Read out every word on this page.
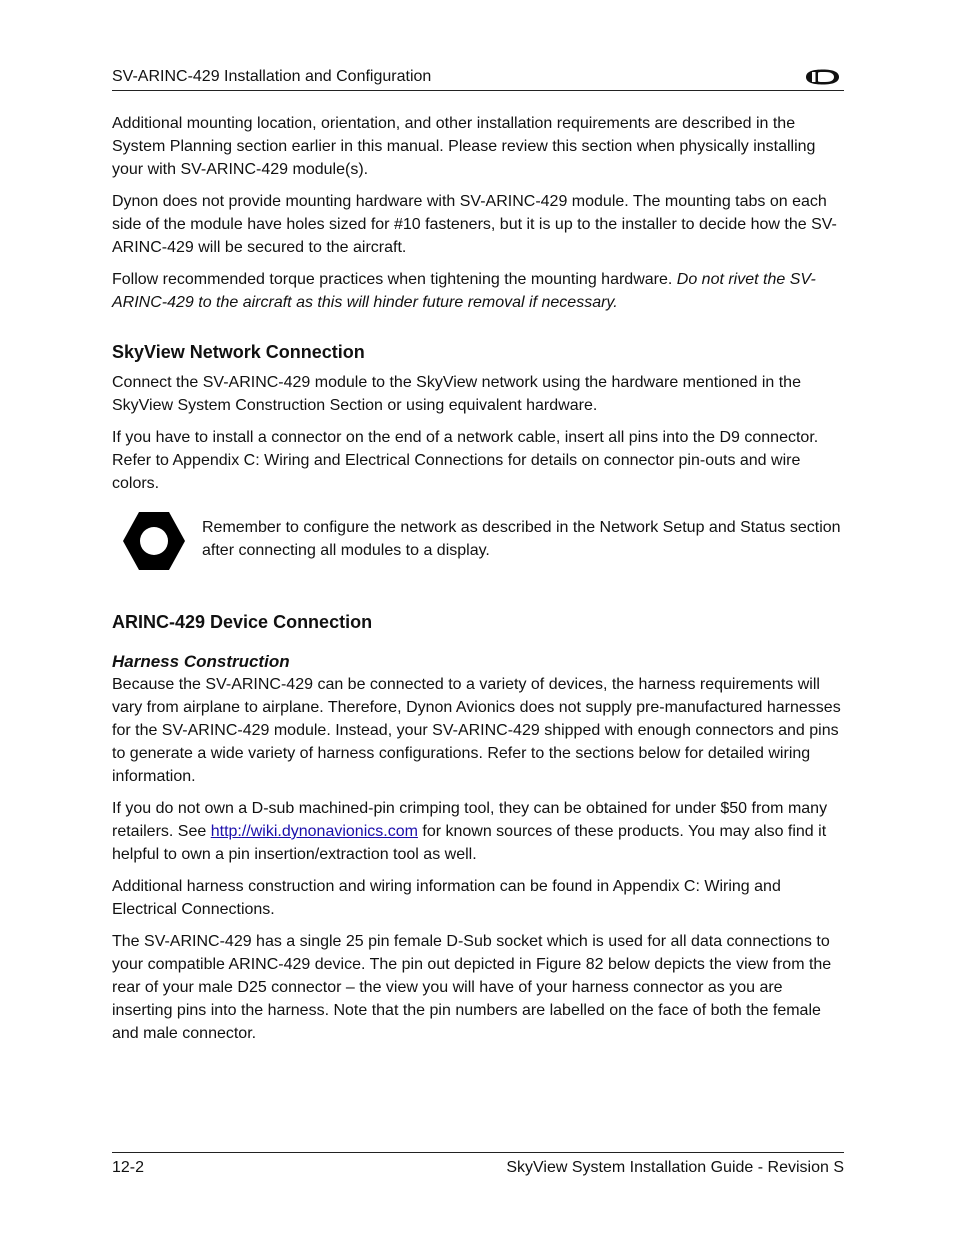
SV-ARINC-429 Installation and Configuration

Additional mounting location, orientation, and other installation requirements are described in the System Planning section earlier in this manual. Please review this section when physically installing your with SV-ARINC-429 module(s).

Dynon does not provide mounting hardware with SV-ARINC-429 module. The mounting tabs on each side of the module have holes sized for #10 fasteners, but it is up to the installer to decide how the SV-ARINC-429 will be secured to the aircraft.

Follow recommended torque practices when tightening the mounting hardware. Do not rivet the SV-ARINC-429 to the aircraft as this will hinder future removal if necessary.

SkyView Network Connection

Connect the SV-ARINC-429 module to the SkyView network using the hardware mentioned in the SkyView System Construction Section or using equivalent hardware.

If you have to install a connector on the end of a network cable, insert all pins into the D9 connector. Refer to Appendix C: Wiring and Electrical Connections for details on connector pin-outs and wire colors.

Remember to configure the network as described in the Network Setup and Status section after connecting all modules to a display.
ARINC-429 Device Connection
Harness Construction

Because the SV-ARINC-429 can be connected to a variety of devices, the harness requirements will vary from airplane to airplane. Therefore, Dynon Avionics does not supply pre-manufactured harnesses for the SV-ARINC-429 module. Instead, your SV-ARINC-429 shipped with enough connectors and pins to generate a wide variety of harness configurations. Refer to the sections below for detailed wiring information.

If you do not own a D-sub machined-pin crimping tool, they can be obtained for under $50 from many retailers. See http://wiki.dynonavionics.com for known sources of these products. You may also find it helpful to own a pin insertion/extraction tool as well.

Additional harness construction and wiring information can be found in Appendix C: Wiring and Electrical Connections.

The SV-ARINC-429 has a single 25 pin female D-Sub socket which is used for all data connections to your compatible ARINC-429 device. The pin out depicted in Figure 82 below depicts the view from the rear of your male D25 connector – the view you will have of your harness connector as you are inserting pins into the harness. Note that the pin numbers are labelled on the face of both the female and male connector.

12-2	SkyView System Installation Guide - Revision S
